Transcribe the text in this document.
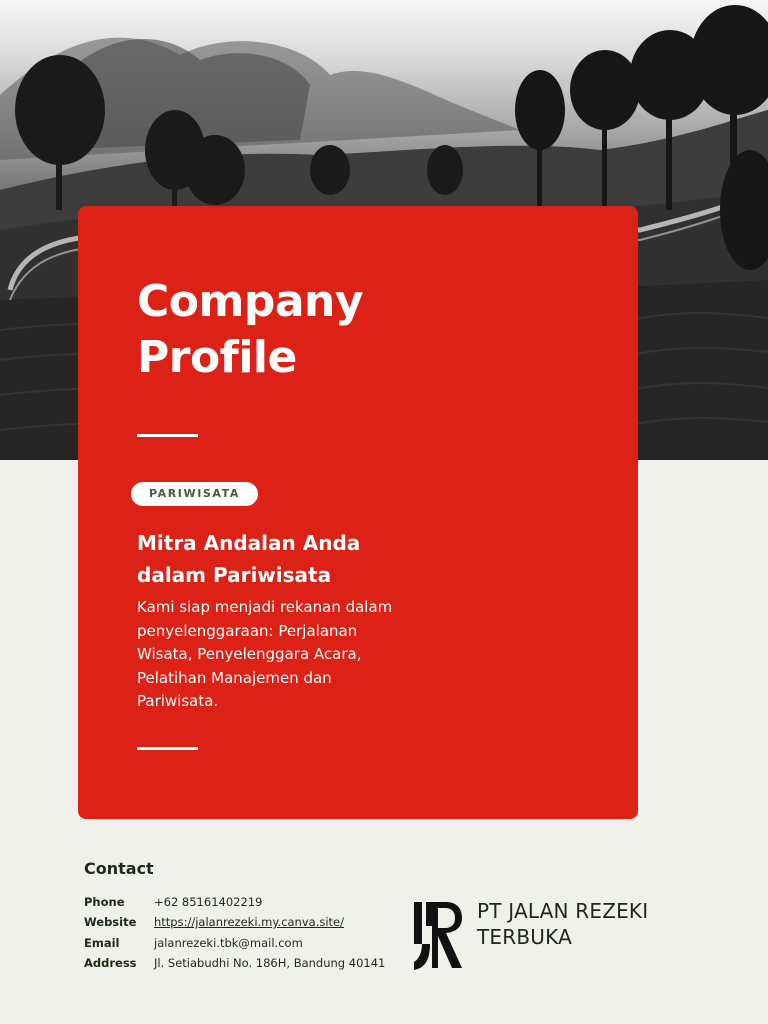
Company
Profile
PARIWISATA
Mitra Andalan Anda
dalam Pariwisata
Kami siap menjadi rekanan dalam
penyelenggaraan: Perjalanan
Wisata, Penyelenggara Acara,
Pelatihan Manajemen dan
Pariwisata.
Contact
Phone	+62 85161402219
Website	https://jalanrezeki.my.canva.site/
Email	jalanrezeki.tbk@mail.com
Address	Jl. Setiabudhi No. 186H, Bandung 40141
PT JALAN REZEKI
TERBUKA
